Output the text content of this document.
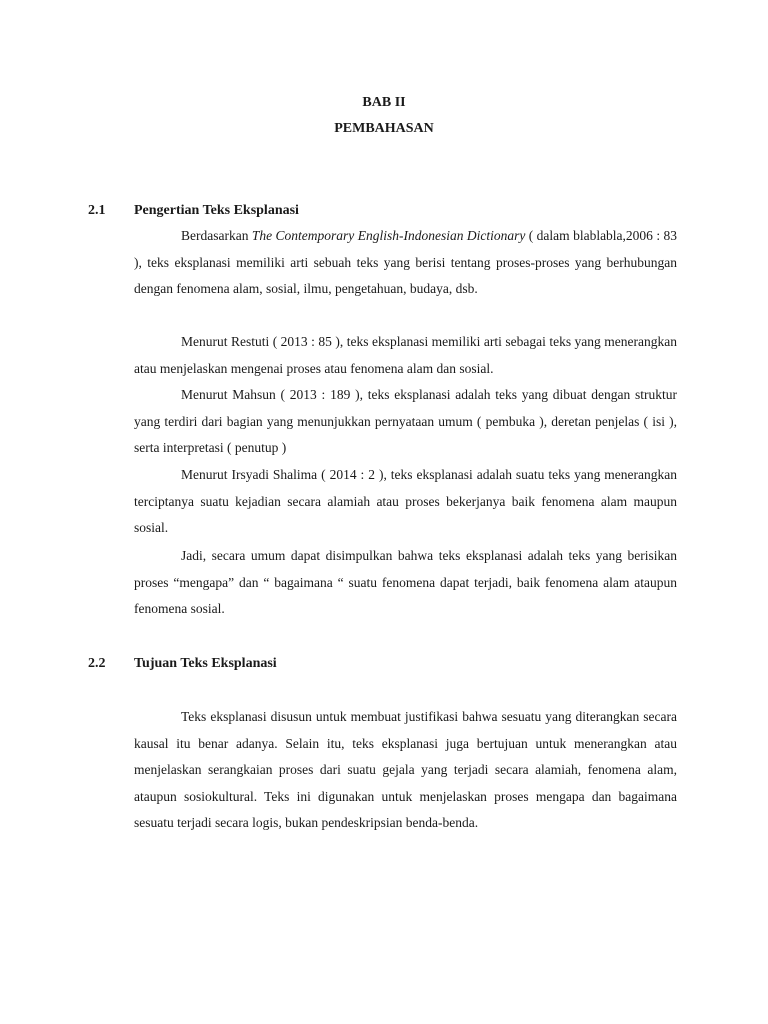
BAB II
PEMBAHASAN
2.1 Pengertian Teks Eksplanasi

Berdasarkan The Contemporary English-Indonesian Dictionary ( dalam blablabla,2006 : 83 ), teks eksplanasi memiliki arti sebuah teks yang berisi tentang proses-proses yang berhubungan dengan fenomena alam, sosial, ilmu, pengetahuan, budaya, dsb.

Menurut Restuti ( 2013 : 85 ), teks eksplanasi memiliki arti sebagai teks yang menerangkan atau menjelaskan mengenai proses atau fenomena alam dan sosial.

Menurut Mahsun ( 2013 : 189 ), teks eksplanasi adalah teks yang dibuat dengan struktur yang terdiri dari bagian yang menunjukkan pernyataan umum ( pembuka ), deretan penjelas ( isi ), serta interpretasi ( penutup )

Menurut Irsyadi Shalima ( 2014 : 2 ), teks eksplanasi adalah suatu teks yang menerangkan terciptanya suatu kejadian secara alamiah atau proses bekerjanya baik fenomena alam maupun sosial.

Jadi, secara umum dapat disimpulkan bahwa teks eksplanasi adalah teks yang berisikan proses “mengapa” dan “ bagaimana “ suatu fenomena dapat terjadi, baik fenomena alam ataupun fenomena sosial.

2.2 Tujuan Teks Eksplanasi

Teks eksplanasi disusun untuk membuat justifikasi bahwa sesuatu yang diterangkan secara kausal itu benar adanya. Selain itu, teks eksplanasi juga bertujuan untuk menerangkan atau menjelaskan serangkaian proses dari suatu gejala yang terjadi secara alamiah, fenomena alam, ataupun sosiokultural. Teks ini digunakan untuk menjelaskan proses mengapa dan bagaimana sesuatu terjadi secara logis, bukan pendeskripsian benda-benda.
